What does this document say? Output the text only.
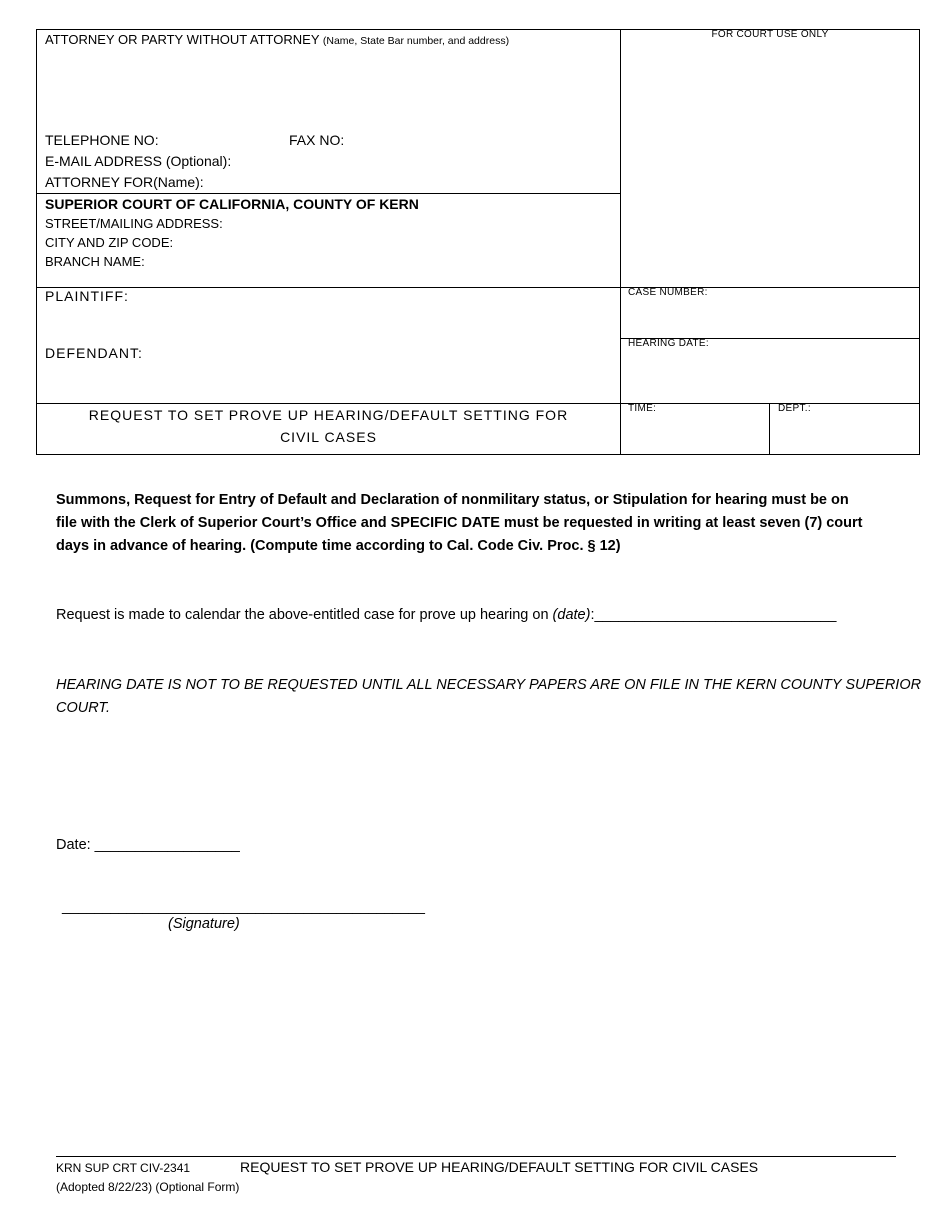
ATTORNEY OR PARTY WITHOUT ATTORNEY (Name, State Bar number, and address)
FOR COURT USE ONLY
TELEPHONE NO:	FAX NO:
E-MAIL ADDRESS (Optional):
ATTORNEY FOR(Name):
SUPERIOR COURT OF CALIFORNIA, COUNTY OF KERN
STREET/MAILING ADDRESS:
CITY AND ZIP CODE:
BRANCH NAME:
PLAINTIFF:
DEFENDANT:
CASE NUMBER:
HEARING DATE:
REQUEST TO SET PROVE UP HEARING/DEFAULT SETTING FOR
CIVIL CASES
TIME:	DEPT.:
Summons, Request for Entry of Default and Declaration of nonmilitary status, or Stipulation for hearing must be on
file with the Clerk of Superior Court’s Office and SPECIFIC DATE must be requested in writing at least seven (7) court
days in advance of hearing. (Compute time according to Cal. Code Civ. Proc. § 12)
Request is made to calendar the above-entitled case for prove up hearing on (date):______________________________
HEARING DATE IS NOT TO BE REQUESTED UNTIL ALL NECESSARY PAPERS ARE ON FILE IN THE KERN COUNTY SUPERIOR
COURT.
Date: __________________
_____________________________________________
(Signature)
KRN SUP CRT CIV-2341	REQUEST TO SET PROVE UP HEARING/DEFAULT SETTING FOR CIVIL CASES
(Adopted 8/22/23) (Optional Form)
